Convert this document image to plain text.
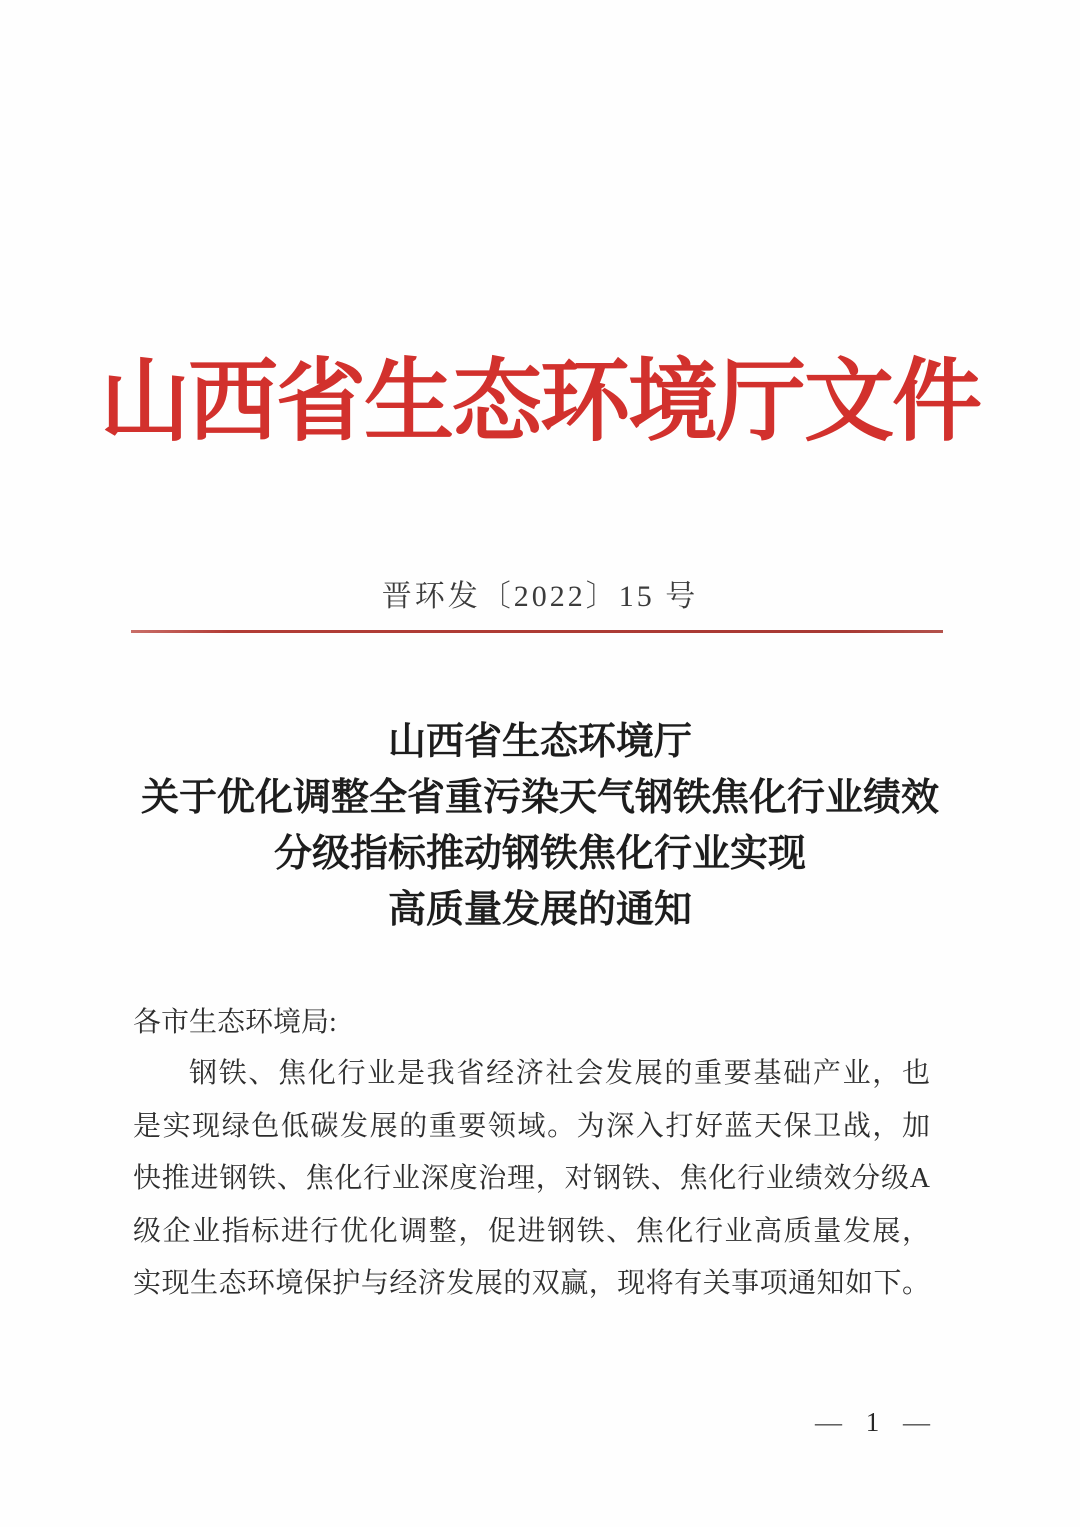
山西省生态环境厅文件
晋环发〔2022〕15 号
山西省生态环境厅
关于优化调整全省重污染天气钢铁焦化行业绩效
分级指标推动钢铁焦化行业实现
高质量发展的通知
各市生态环境局:
钢铁、焦化行业是我省经济社会发展的重要基础产业，也
是实现绿色低碳发展的重要领域。为深入打好蓝天保卫战，加
快推进钢铁、焦化行业深度治理，对钢铁、焦化行业绩效分级A
级企业指标进行优化调整，促进钢铁、焦化行业高质量发展，
实现生态环境保护与经济发展的双赢，现将有关事项通知如下。
— 1 —
